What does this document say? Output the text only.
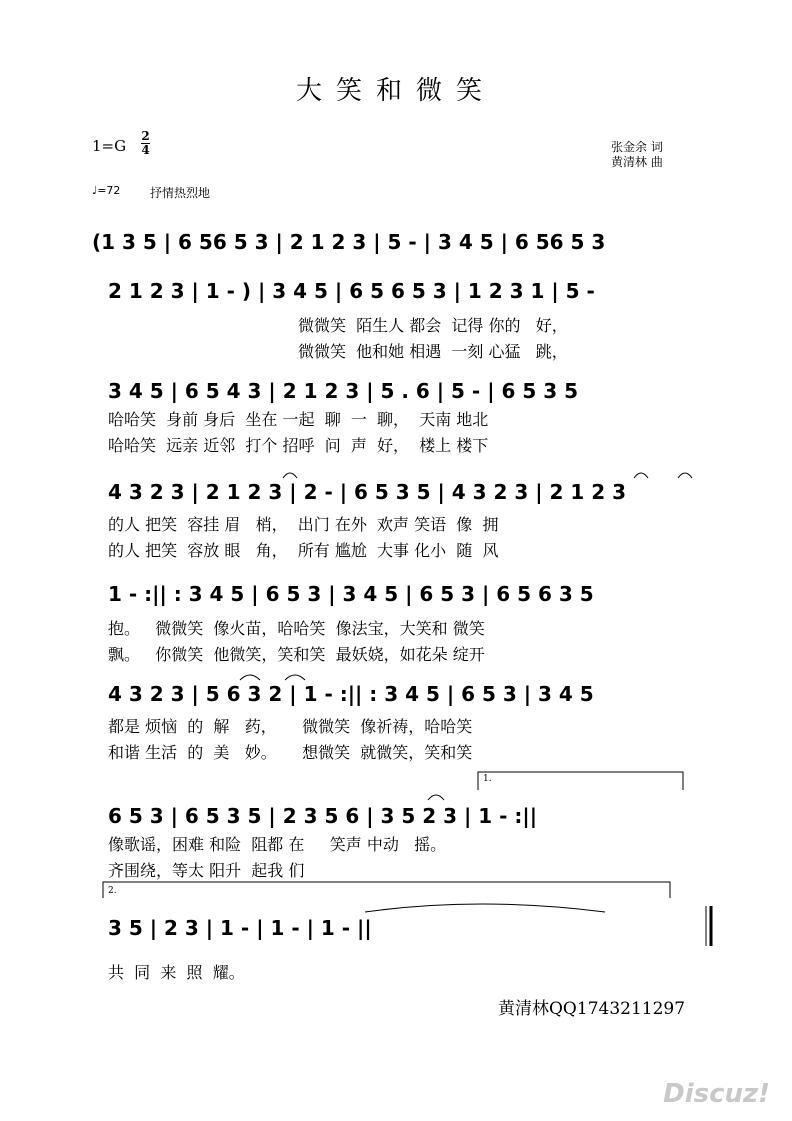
大笑和微笑
1=G
2
4	张金余 词
黄清林 曲
♩=72 抒情热烈地
(1 3 5 | 6 56 5 3 | 2 1 2 3 | 5 - | 3 4 5 | 6 56 5 3
2 1 2 3 | 1 - ) | 3 4 5 | 6 5 6 5 3 | 1 2 3 1 | 5 -
微微笑  陌生人 都会  记得 你的   好，
微微笑  他和她 相遇  一刻 心猛   跳，
3 4 5 | 6 5 4 3 | 2 1 2 3 | 5 . 6 | 5 - | 6 5 3 5
哈哈笑  身前 身后  坐在 一起  聊  一  聊，  天南 地北
哈哈笑  远亲 近邻  打个 招呼  问  声  好，  楼上 楼下
4 3 2 3 | 2 1 2 3 | 2 - | 6 5 3 5 | 4 3 2 3 | 2 1 2 3
的人 把笑  容挂 眉   梢，  出门 在外  欢声 笑语  像  拥
的人 把笑  容放 眼   角，  所有 尴尬  大事 化小  随  风
1 - :|| : 3 4 5 | 6 5 3 | 3 4 5 | 6 5 3 | 6 5 6 3 5
抱。   微微笑  像火苗，哈哈笑  像法宝，大笑和 微笑
飘。   你微笑  他微笑，笑和笑  最妖娆，如花朵 绽开
4 3 2 3 | 5 6 3 2 | 1 - :|| : 3 4 5 | 6 5 3 | 3 4 5
都是 烦恼  的  解   药，     微微笑  像祈祷，哈哈笑
和谐 生活  的  美   妙。     想微笑  就微笑，笑和笑
1.
6 5 3 | 6 5 3 5 | 2 3 5 6 | 3 5 2 3 | 1 - :||
像歌谣，困难 和险  阻都 在     笑声 中动   摇。
齐围绕，等太 阳升  起我 们
2.
3 5 | 2 3 | 1 - | 1 - | 1 - ||
共  同  来  照  耀。
黄清林QQ1743211297
Discuz!
